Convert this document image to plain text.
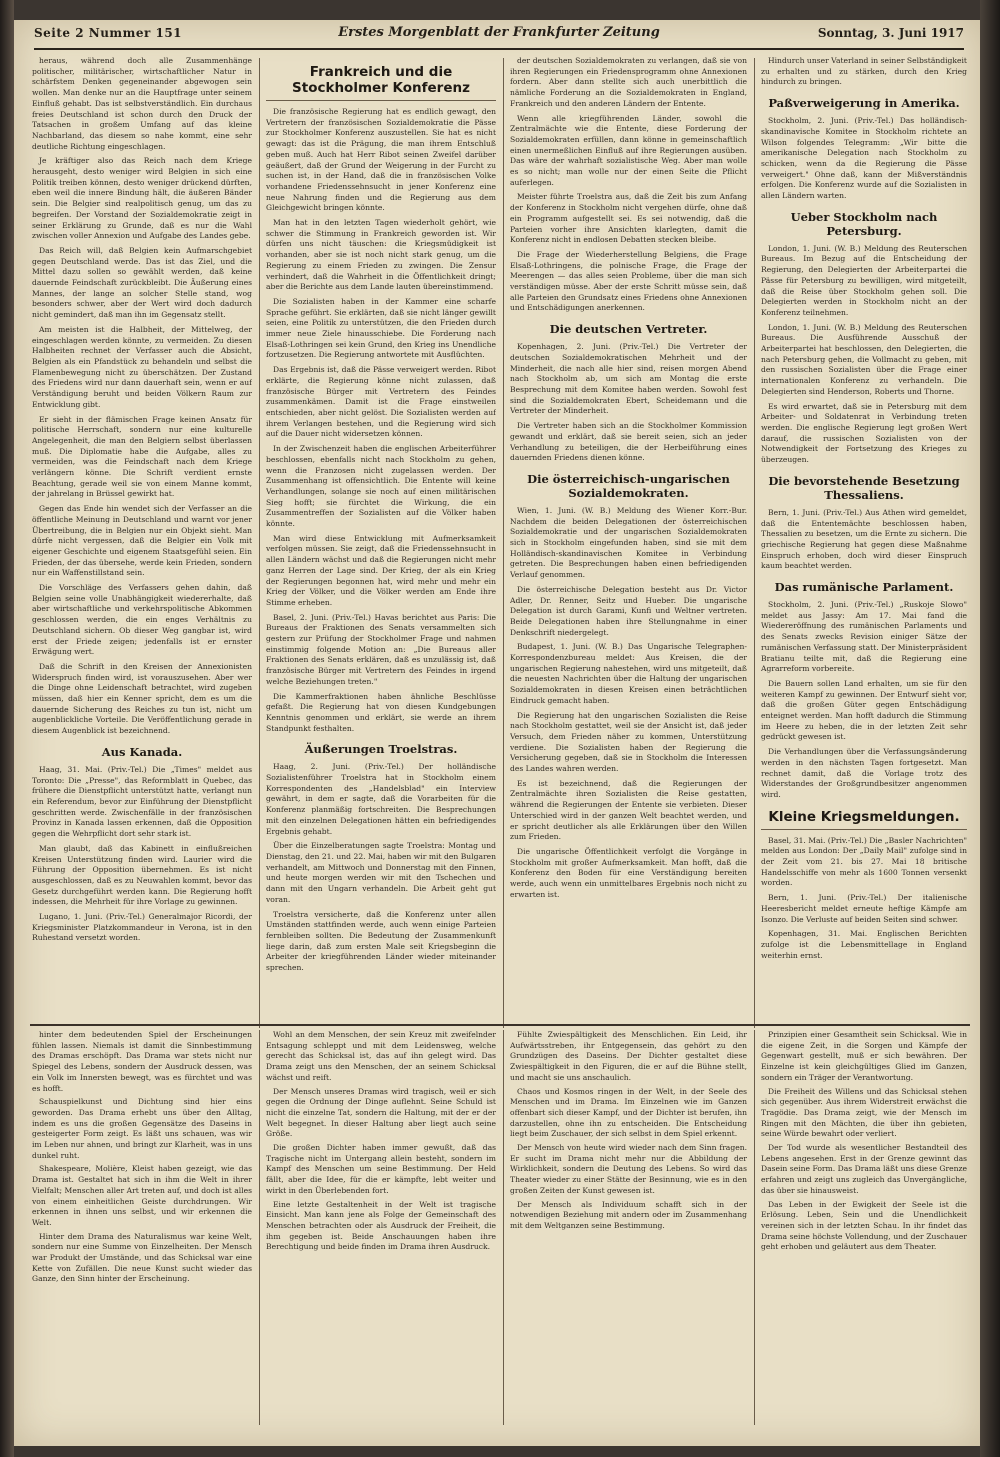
Seite 2 Nummer 151	Erstes Morgenblatt der Frankfurter Zeitung	Sonntag, 3. Juni 1917

heraus, während doch alle Zusammenhänge politischer, militärischer, wirtschaftlicher Natur in schärfstem Denken gegeneinander abgewogen sein wollen. Man denke nur an die Hauptfrage unter seinem Einfluß gehabt. Das ist selbstverständlich. Ein durchaus freies Deutschland ist schon durch den Druck der Tatsachen in großem Umfang auf das kleine Nachbarland, das diesem so nahe kommt, eine sehr deutliche Richtung eingeschlagen.

Je kräftiger also das Reich nach dem Kriege herausgeht, desto weniger wird Belgien in sich eine Politik treiben können, desto weniger drückend dürften, eben weil die innere Bindung hält, die äußeren Bänder sein. Die Belgier sind realpolitisch genug, um das zu begreifen. Der Vorstand der Sozialdemokratie zeigt in seiner Erklärung zu Grunde, daß es nur die Wahl zwischen voller Annexion und Aufgabe des Landes gebe.

Das Reich will, daß Belgien kein Aufmarschgebiet gegen Deutschland werde. Das ist das Ziel, und die Mittel dazu sollen so gewählt werden, daß keine dauernde Feindschaft zurückbleibt. Die Äußerung eines Mannes, der lange an solcher Stelle stand, wog besonders schwer, aber der Wert wird doch dadurch nicht gemindert, daß man ihn im Gegensatz stellt.

Am meisten ist die Halbheit, der Mittelweg, der eingeschlagen werden könnte, zu vermeiden. Zu diesen Halbheiten rechnet der Verfasser auch die Absicht, Belgien als ein Pfandstück zu behandeln und selbst die Flamenbewegung nicht zu überschätzen. Der Zustand des Friedens wird nur dann dauerhaft sein, wenn er auf Verständigung beruht und beiden Völkern Raum zur Entwicklung gibt.

Er sieht in der flämischen Frage keinen Ansatz für politische Herrschaft, sondern nur eine kulturelle Angelegenheit, die man den Belgiern selbst überlassen muß. Die Diplomatie habe die Aufgabe, alles zu vermeiden, was die Feindschaft nach dem Kriege verlängern könne. Die Schrift verdient ernste Beachtung, gerade weil sie von einem Manne kommt, der jahrelang in Brüssel gewirkt hat.

Gegen das Ende hin wendet sich der Verfasser an die öffentliche Meinung in Deutschland und warnt vor jener Übertreibung, die in Belgien nur ein Objekt sieht. Man dürfe nicht vergessen, daß die Belgier ein Volk mit eigener Geschichte und eigenem Staatsgefühl seien. Ein Frieden, der das übersehe, werde kein Frieden, sondern nur ein Waffenstillstand sein.

Die Vorschläge des Verfassers gehen dahin, daß Belgien seine volle Unabhängigkeit wiedererhalte, daß aber wirtschaftliche und verkehrspolitische Abkommen geschlossen werden, die ein enges Verhältnis zu Deutschland sichern. Ob dieser Weg gangbar ist, wird erst der Friede zeigen; jedenfalls ist er ernster Erwägung wert.

Daß die Schrift in den Kreisen der Annexionisten Widerspruch finden wird, ist vorauszusehen. Aber wer die Dinge ohne Leidenschaft betrachtet, wird zugeben müssen, daß hier ein Kenner spricht, dem es um die dauernde Sicherung des Reiches zu tun ist, nicht um augenblickliche Vorteile. Die Veröffentlichung gerade in diesem Augenblick ist bezeichnend.

Aus Kanada.

Haag, 31. Mai. (Priv.-Tel.) Die „Times" meldet aus Toronto: Die „Presse", das Reformblatt in Quebec, das frühere die Dienstpflicht unterstützt hatte, verlangt nun ein Referendum, bevor zur Einführung der Dienstpflicht geschritten werde. Zwischenfälle in der französischen Provinz in Kanada lassen erkennen, daß die Opposition gegen die Wehrpflicht dort sehr stark ist.

Man glaubt, daß das Kabinett in einflußreichen Kreisen Unterstützung finden wird. Laurier wird die Führung der Opposition übernehmen. Es ist nicht ausgeschlossen, daß es zu Neuwahlen kommt, bevor das Gesetz durchgeführt werden kann. Die Regierung hofft indessen, die Mehrheit für ihre Vorlage zu gewinnen.

Lugano, 1. Juni. (Priv.-Tel.) Generalmajor Ricordi, der Kriegsminister Platzkommandeur in Verona, ist in den Ruhestand versetzt worden.

Frankreich und die Stockholmer Konferenz

Die französische Regierung hat es endlich gewagt, den Vertretern der französischen Sozialdemokratie die Pässe zur Stockholmer Konferenz auszustellen. Sie hat es nicht gewagt: das ist die Prägung, die man ihrem Entschluß geben muß. Auch hat Herr Ribot seinen Zweifel darüber geäußert, daß der Grund der Weigerung in der Furcht zu suchen ist, in der Hand, daß die in französischen Volke vorhandene Friedenssehnsucht in jener Konferenz eine neue Nahrung finden und die Regierung aus dem Gleichgewicht bringen könnte.

Man hat in den letzten Tagen wiederholt gehört, wie schwer die Stimmung in Frankreich geworden ist. Wir dürfen uns nicht täuschen: die Kriegsmüdigkeit ist vorhanden, aber sie ist noch nicht stark genug, um die Regierung zu einem Frieden zu zwingen. Die Zensur verhindert, daß die Wahrheit in die Öffentlichkeit dringt; aber die Berichte aus dem Lande lauten übereinstimmend.

Die Sozialisten haben in der Kammer eine scharfe Sprache geführt. Sie erklärten, daß sie nicht länger gewillt seien, eine Politik zu unterstützen, die den Frieden durch immer neue Ziele hinausschiebe. Die Forderung nach Elsaß-Lothringen sei kein Grund, den Krieg ins Unendliche fortzusetzen. Die Regierung antwortete mit Ausflüchten.

Das Ergebnis ist, daß die Pässe verweigert werden. Ribot erklärte, die Regierung könne nicht zulassen, daß französische Bürger mit Vertretern des Feindes zusammenkämen. Damit ist die Frage einstweilen entschieden, aber nicht gelöst. Die Sozialisten werden auf ihrem Verlangen bestehen, und die Regierung wird sich auf die Dauer nicht widersetzen können.

In der Zwischenzeit haben die englischen Arbeiterführer beschlossen, ebenfalls nicht nach Stockholm zu gehen, wenn die Franzosen nicht zugelassen werden. Der Zusammenhang ist offensichtlich. Die Entente will keine Verhandlungen, solange sie noch auf einen militärischen Sieg hofft; sie fürchtet die Wirkung, die ein Zusammentreffen der Sozialisten auf die Völker haben könnte.

Man wird diese Entwicklung mit Aufmerksamkeit verfolgen müssen. Sie zeigt, daß die Friedenssehnsucht in allen Ländern wächst und daß die Regierungen nicht mehr ganz Herren der Lage sind. Der Krieg, der als ein Krieg der Regierungen begonnen hat, wird mehr und mehr ein Krieg der Völker, und die Völker werden am Ende ihre Stimme erheben.

Basel, 2. Juni. (Priv.-Tel.) Havas berichtet aus Paris: Die Bureaus der Fraktionen des Senats versammelten sich gestern zur Prüfung der Stockholmer Frage und nahmen einstimmig folgende Motion an: „Die Bureaus aller Fraktionen des Senats erklären, daß es unzulässig ist, daß französische Bürger mit Vertretern des Feindes in irgend welche Beziehungen treten."

Die Kammerfraktionen haben ähnliche Beschlüsse gefaßt. Die Regierung hat von diesen Kundgebungen Kenntnis genommen und erklärt, sie werde an ihrem Standpunkt festhalten.

Äußerungen Troelstras.

Haag, 2. Juni. (Priv.-Tel.) Der holländische Sozialistenführer Troelstra hat in Stockholm einem Korrespondenten des „Handelsblad" ein Interview gewährt, in dem er sagte, daß die Vorarbeiten für die Konferenz planmäßig fortschreiten. Die Besprechungen mit den einzelnen Delegationen hätten ein befriedigendes Ergebnis gehabt.

Über die Einzelberatungen sagte Troelstra: Montag und Dienstag, den 21. und 22. Mai, haben wir mit den Bulgaren verhandelt, am Mittwoch und Donnerstag mit den Finnen, und heute morgen werden wir mit den Tschechen und dann mit den Ungarn verhandeln. Die Arbeit geht gut voran.

Troelstra versicherte, daß die Konferenz unter allen Umständen stattfinden werde, auch wenn einige Parteien fernbleiben sollten. Die Bedeutung der Zusammenkunft liege darin, daß zum ersten Male seit Kriegsbeginn die Arbeiter der kriegführenden Länder wieder miteinander sprechen.

der deutschen Sozialdemokraten zu verlangen, daß sie von ihren Regierungen ein Friedensprogramm ohne Annexionen fordern. Aber dann stellte sich auch unerbittlich die nämliche Forderung an die Sozialdemokraten in England, Frankreich und den anderen Ländern der Entente.

Wenn alle kriegführenden Länder, sowohl die Zentralmächte wie die Entente, diese Forderung der Sozialdemokraten erfüllen, dann könne in gemeinschaftlich einen unermeßlichen Einfluß auf ihre Regierungen ausüben. Das wäre der wahrhaft sozialistische Weg. Aber man wolle es so nicht; man wolle nur der einen Seite die Pflicht auferlegen.

Meister führte Troelstra aus, daß die Zeit bis zum Anfang der Konferenz in Stockholm nicht vergehen dürfe, ohne daß ein Programm aufgestellt sei. Es sei notwendig, daß die Parteien vorher ihre Ansichten klarlegten, damit die Konferenz nicht in endlosen Debatten stecken bleibe.

Die Frage der Wiederherstellung Belgiens, die Frage Elsaß-Lothringens, die polnische Frage, die Frage der Meerengen — das alles seien Probleme, über die man sich verständigen müsse. Aber der erste Schritt müsse sein, daß alle Parteien den Grundsatz eines Friedens ohne Annexionen und Entschädigungen anerkennen.

Die deutschen Vertreter.

Kopenhagen, 2. Juni. (Priv.-Tel.) Die Vertreter der deutschen Sozialdemokratischen Mehrheit und der Minderheit, die nach alle hier sind, reisen morgen Abend nach Stockholm ab, um sich am Montag die erste Besprechung mit dem Komitee haben werden. Sowohl fest sind die Sozialdemokraten Ebert, Scheidemann und die Vertreter der Minderheit.

Die Vertreter haben sich an die Stockholmer Kommission gewandt und erklärt, daß sie bereit seien, sich an jeder Verhandlung zu beteiligen, die der Herbeiführung eines dauernden Friedens dienen könne.

Die österreichisch-ungarischen Sozialdemokraten.

Wien, 1. Juni. (W. B.) Meldung des Wiener Korr.-Bur. Nachdem die beiden Delegationen der österreichischen Sozialdemokratie und der ungarischen Sozialdemokraten sich in Stockholm eingefunden haben, sind sie mit dem Holländisch-skandinavischen Komitee in Verbindung getreten. Die Besprechungen haben einen befriedigenden Verlauf genommen.

Die österreichische Delegation besteht aus Dr. Victor Adler, Dr. Renner, Seitz und Hueber. Die ungarische Delegation ist durch Garami, Kunfi und Weltner vertreten. Beide Delegationen haben ihre Stellungnahme in einer Denkschrift niedergelegt.

Budapest, 1. Juni. (W. B.) Das Ungarische Telegraphen-Korrespondenzbureau meldet: Aus Kreisen, die der ungarischen Regierung nahestehen, wird uns mitgeteilt, daß die neuesten Nachrichten über die Haltung der ungarischen Sozialdemokraten in diesen Kreisen einen beträchtlichen Eindruck gemacht haben.

Die Regierung hat den ungarischen Sozialisten die Reise nach Stockholm gestattet, weil sie der Ansicht ist, daß jeder Versuch, dem Frieden näher zu kommen, Unterstützung verdiene. Die Sozialisten haben der Regierung die Versicherung gegeben, daß sie in Stockholm die Interessen des Landes wahren werden.

Es ist bezeichnend, daß die Regierungen der Zentralmächte ihren Sozialisten die Reise gestatten, während die Regierungen der Entente sie verbieten. Dieser Unterschied wird in der ganzen Welt beachtet werden, und er spricht deutlicher als alle Erklärungen über den Willen zum Frieden.

Die ungarische Öffentlichkeit verfolgt die Vorgänge in Stockholm mit großer Aufmerksamkeit. Man hofft, daß die Konferenz den Boden für eine Verständigung bereiten werde, auch wenn ein unmittelbares Ergebnis noch nicht zu erwarten ist.

Hindurch unser Vaterland in seiner Selbständigkeit zu erhalten und zu stärken, durch den Krieg hindurch zu bringen.

Paßverweigerung in Amerika.

Stockholm, 2. Juni. (Priv.-Tel.) Das holländisch-skandinavische Komitee in Stockholm richtete an Wilson folgendes Telegramm: „Wir bitte die amerikanische Delegation nach Stockholm zu schicken, wenn da die Regierung die Pässe verweigert." Ohne daß, kann der Mißverständnis erfolgen. Die Konferenz wurde auf die Sozialisten in allen Ländern warten.

Ueber Stockholm nach Petersburg.

London, 1. Juni. (W. B.) Meldung des Reuterschen Bureaus. Im Bezug auf die Entscheidung der Regierung, den Delegierten der Arbeiterpartei die Pässe für Petersburg zu bewilligen, wird mitgeteilt, daß die Reise über Stockholm gehen soll. Die Delegierten werden in Stockholm nicht an der Konferenz teilnehmen.

London, 1. Juni. (W. B.) Meldung des Reuterschen Bureaus. Die Ausführende Ausschuß der Arbeiterpartei hat beschlossen, den Delegierten, die nach Petersburg gehen, die Vollmacht zu geben, mit den russischen Sozialisten über die Frage einer internationalen Konferenz zu verhandeln. Die Delegierten sind Henderson, Roberts und Thorne.

Es wird erwartet, daß sie in Petersburg mit dem Arbeiter- und Soldatenrat in Verbindung treten werden. Die englische Regierung legt großen Wert darauf, die russischen Sozialisten von der Notwendigkeit der Fortsetzung des Krieges zu überzeugen.

Die bevorstehende Besetzung Thessaliens.

Bern, 1. Juni. (Priv.-Tel.) Aus Athen wird gemeldet, daß die Ententemächte beschlossen haben, Thessalien zu besetzen, um die Ernte zu sichern. Die griechische Regierung hat gegen diese Maßnahme Einspruch erhoben, doch wird dieser Einspruch kaum beachtet werden.

Das rumänische Parlament.

Stockholm, 2. Juni. (Priv.-Tel.) „Ruskoje Slowo" meldet aus Jassy: Am 17. Mai fand die Wiedereröffnung des rumänischen Parlaments und des Senats zwecks Revision einiger Sätze der rumänischen Verfassung statt. Der Ministerpräsident Bratianu teilte mit, daß die Regierung eine Agrarreform vorbereite.

Die Bauern sollen Land erhalten, um sie für den weiteren Kampf zu gewinnen. Der Entwurf sieht vor, daß die großen Güter gegen Entschädigung enteignet werden. Man hofft dadurch die Stimmung im Heere zu heben, die in der letzten Zeit sehr gedrückt gewesen ist.

Die Verhandlungen über die Verfassungsänderung werden in den nächsten Tagen fortgesetzt. Man rechnet damit, daß die Vorlage trotz des Widerstandes der Großgrundbesitzer angenommen wird.

Kleine Kriegsmeldungen.

Basel, 31. Mai. (Priv.-Tel.) Die „Basler Nachrichten" melden aus London: Der „Daily Mail" zufolge sind in der Zeit vom 21. bis 27. Mai 18 britische Handelsschiffe von mehr als 1600 Tonnen versenkt worden.

Bern, 1. Juni. (Priv.-Tel.) Der italienische Heeresbericht meldet erneute heftige Kämpfe am Isonzo. Die Verluste auf beiden Seiten sind schwer.

Kopenhagen, 31. Mai. Englischen Berichten zufolge ist die Lebensmittellage in England weiterhin ernst.

hinter dem bedeutenden Spiel der Erscheinungen fühlen lassen. Niemals ist damit die Sinnbestimmung des Dramas erschöpft. Das Drama war stets nicht nur Spiegel des Lebens, sondern der Ausdruck dessen, was ein Volk im Innersten bewegt, was es fürchtet und was es hofft.

Schauspielkunst und Dichtung sind hier eins geworden. Das Drama erhebt uns über den Alltag, indem es uns die großen Gegensätze des Daseins in gesteigerter Form zeigt. Es läßt uns schauen, was wir im Leben nur ahnen, und bringt zur Klarheit, was in uns dunkel ruht.

Shakespeare, Molière, Kleist haben gezeigt, wie das Drama ist. Gestaltet hat sich in ihm die Welt in ihrer Vielfalt; Menschen aller Art treten auf, und doch ist alles von einem einheitlichen Geiste durchdrungen. Wir erkennen in ihnen uns selbst, und wir erkennen die Welt.

Hinter dem Drama des Naturalismus war keine Welt, sondern nur eine Summe von Einzelheiten. Der Mensch war Produkt der Umstände, und das Schicksal war eine Kette von Zufällen. Die neue Kunst sucht wieder das Ganze, den Sinn hinter der Erscheinung.

Wohl an dem Menschen, der sein Kreuz mit zweifelnder Entsagung schleppt und mit dem Leidensweg, welche gerecht das Schicksal ist, das auf ihn gelegt wird. Das Drama zeigt uns den Menschen, der an seinem Schicksal wächst und reift.

Der Mensch unseres Dramas wird tragisch, weil er sich gegen die Ordnung der Dinge auflehnt. Seine Schuld ist nicht die einzelne Tat, sondern die Haltung, mit der er der Welt begegnet. In dieser Haltung aber liegt auch seine Größe.

Die großen Dichter haben immer gewußt, daß das Tragische nicht im Untergang allein besteht, sondern im Kampf des Menschen um seine Bestimmung. Der Held fällt, aber die Idee, für die er kämpfte, lebt weiter und wirkt in den Überlebenden fort.

Eine letzte Gestaltenheit in der Welt ist tragische Einsicht. Man kann jene als Folge der Gemeinschaft des Menschen betrachten oder als Ausdruck der Freiheit, die ihm gegeben ist. Beide Anschauungen haben ihre Berechtigung und beide finden im Drama ihren Ausdruck.

Fühlte Zwiespältigkeit des Menschlichen. Ein Leid, ihr Aufwärtsstreben, ihr Entgegensein, das gehört zu den Grundzügen des Daseins. Der Dichter gestaltet diese Zwiespältigkeit in den Figuren, die er auf die Bühne stellt, und macht sie uns anschaulich.

Chaos und Kosmos ringen in der Welt, in der Seele des Menschen und im Drama. Im Einzelnen wie im Ganzen offenbart sich dieser Kampf, und der Dichter ist berufen, ihn darzustellen, ohne ihn zu entscheiden. Die Entscheidung liegt beim Zuschauer, der sich selbst in dem Spiel erkennt.

Der Mensch von heute wird wieder nach dem Sinn fragen. Er sucht im Drama nicht mehr nur die Abbildung der Wirklichkeit, sondern die Deutung des Lebens. So wird das Theater wieder zu einer Stätte der Besinnung, wie es in den großen Zeiten der Kunst gewesen ist.

Der Mensch als Individuum schafft sich in der notwendigen Beziehung mit andern oder im Zusammenhang mit dem Weltganzen seine Bestimmung.

Prinzipien einer Gesamtheit sein Schicksal. Wie in die eigene Zeit, in die Sorgen und Kämpfe der Gegenwart gestellt, muß er sich bewähren. Der Einzelne ist kein gleichgültiges Glied im Ganzen, sondern ein Träger der Verantwortung.

Die Freiheit des Willens und das Schicksal stehen sich gegenüber. Aus ihrem Widerstreit erwächst die Tragödie. Das Drama zeigt, wie der Mensch im Ringen mit den Mächten, die über ihn gebieten, seine Würde bewahrt oder verliert.

Der Tod wurde als wesentlicher Bestandteil des Lebens angesehen. Erst in der Grenze gewinnt das Dasein seine Form. Das Drama läßt uns diese Grenze erfahren und zeigt uns zugleich das Unvergängliche, das über sie hinausweist.

Das Leben in der Ewigkeit der Seele ist die Erlösung. Leben, Sein und die Unendlichkeit vereinen sich in der letzten Schau. In ihr findet das Drama seine höchste Vollendung, und der Zuschauer geht erhoben und geläutert aus dem Theater.
